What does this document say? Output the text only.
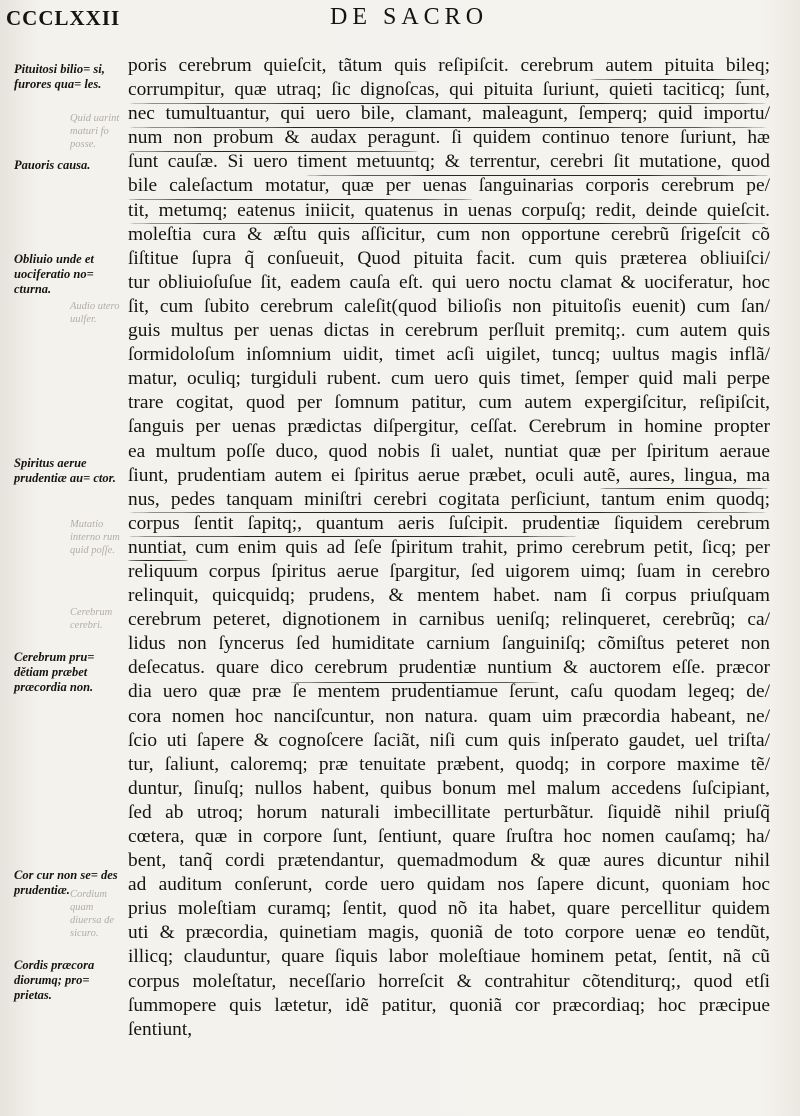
CCCLXXII	DE SACRO
Pituitosi bilio= si, furores qua= les.
Pauoris causa.
Obliuio unde et uociferatio no= cturna.
Spiritus aerue prudentiæ au= ctor.
Cerebrum pru= dětiam præbet præcordia non.
Cor cur non se= des prudentiæ.
Cordis præcora diorumq; pro= prietas.
Quid uarint maturi fo posse.
Audio utero uulfer.
Mutatio interno rum quid poſſe.
Cerebrum cerebri.
Cordium quam diuersa de sicuro.
poris cerebrum quieſcit, tãtum quis reſipiſcit. cerebrum autem pituita bileq;
corrumpitur, quæ utraq; ſic dignoſcas, qui pituita ſuriunt, quieti taciticq; ſunt,
nec tumultuantur, qui uero bile, clamant, maleagunt, ſemperq; quid importu/
num non probum & audax peragunt. ſi quidem continuo tenore ſuriunt, hæ
ſunt cauſæ. Si uero timent metuuntq; & terrentur, cerebri ſit mutatione, quod
bile caleſactum motatur, quæ per uenas ſanguinarias corporis cerebrum pe/
tit, metumq; eatenus iniicit, quatenus in uenas corpuſq; redit, deinde quieſcit.
moleſtia cura & æſtu quis aſſicitur, cum non opportune cerebrũ ſrigeſcit cõ
ſiſtitue ſupra q̃ conſueuit, Quod pituita facit. cum quis præterea obliuiſci/
tur obliuioſuſue ſit, eadem cauſa eſt. qui uero noctu clamat & uociferatur, hoc
ſit, cum ſubito cerebrum caleſit(quod bilioſis non pituitoſis euenit) cum ſan/
guis multus per uenas dictas in cerebrum perſluit premitq;. cum autem quis
ſormidoloſum inſomnium uidit, timet acſi uigilet, tuncq; uultus magis inflã/
matur, oculiq; turgiduli rubent. cum uero quis timet, ſemper quid mali perpe
trare cogitat, quod per ſomnum patitur, cum autem expergiſcitur, reſipiſcit,
ſanguis per uenas prædictas diſpergitur, ceſſat. Cerebrum in homine propter
ea multum poſſe duco, quod nobis ſi ualet, nuntiat quæ per ſpiritum aeraue
ſiunt, prudentiam autem ei ſpiritus aerue præbet, oculi autẽ, aures, lingua, ma
nus, pedes tanquam miniſtri cerebri cogitata perſiciunt, tantum enim quodq;
corpus ſentit ſapitq;, quantum aeris ſuſcipit. prudentiæ ſiquidem cerebrum
nuntiat, cum enim quis ad ſeſe ſpiritum trahit, primo cerebrum petit, ſicq; per
reliquum corpus ſpiritus aerue ſpargitur, ſed uigorem uimq; ſuam in cerebro
relinquit, quicquidq; prudens, & mentem habet. nam ſi corpus priuſquam
cerebrum peteret, dignotionem in carnibus ueniſq; relinqueret, cerebrũq; ca/
lidus non ſyncerus ſed humiditate carnium ſanguiniſq; cõmiſtus peteret non
deſecatus. quare dico cerebrum prudentiæ nuntium & auctorem eſſe. præcor
dia uero quæ præ ſe mentem prudentiamue ſerunt, caſu quodam legeq; de/
cora nomen hoc nanciſcuntur, non natura. quam uim præcordia habeant, ne/
ſcio uti ſapere & cognoſcere ſaciãt, niſi cum quis inſperato gaudet, uel triſta/
tur, ſaliunt, caloremq; præ tenuitate præbent, quodq; in corpore maxime tẽ/
duntur, ſinuſq; nullos habent, quibus bonum mel malum accedens ſuſcipiant,
ſed ab utroq; horum naturali imbecillitate perturbãtur. ſiquidẽ nihil priuſq̃
cœtera, quæ in corpore ſunt, ſentiunt, quare ſruſtra hoc nomen cauſamq; ha/
bent, tanq̃ cordi prætendantur, quemadmodum & quæ aures dicuntur nihil
ad auditum conſerunt, corde uero quidam nos ſapere dicunt, quoniam hoc
prius moleſtiam curamq; ſentit, quod nõ ita habet, quare percellitur quidem
uti & præcordia, quinetiam magis, quoniã de toto corpore uenæ eo tendũt,
illicq; clauduntur, quare ſiquis labor moleſtiaue hominem petat, ſentit, nã cũ
corpus moleſtatur, neceſſario horreſcit & contrahitur cõtenditurq;, quod etſi
ſummopere quis lætetur, idẽ patitur, quoniã cor præcordiaq; hoc præcipue
ſentiunt,
